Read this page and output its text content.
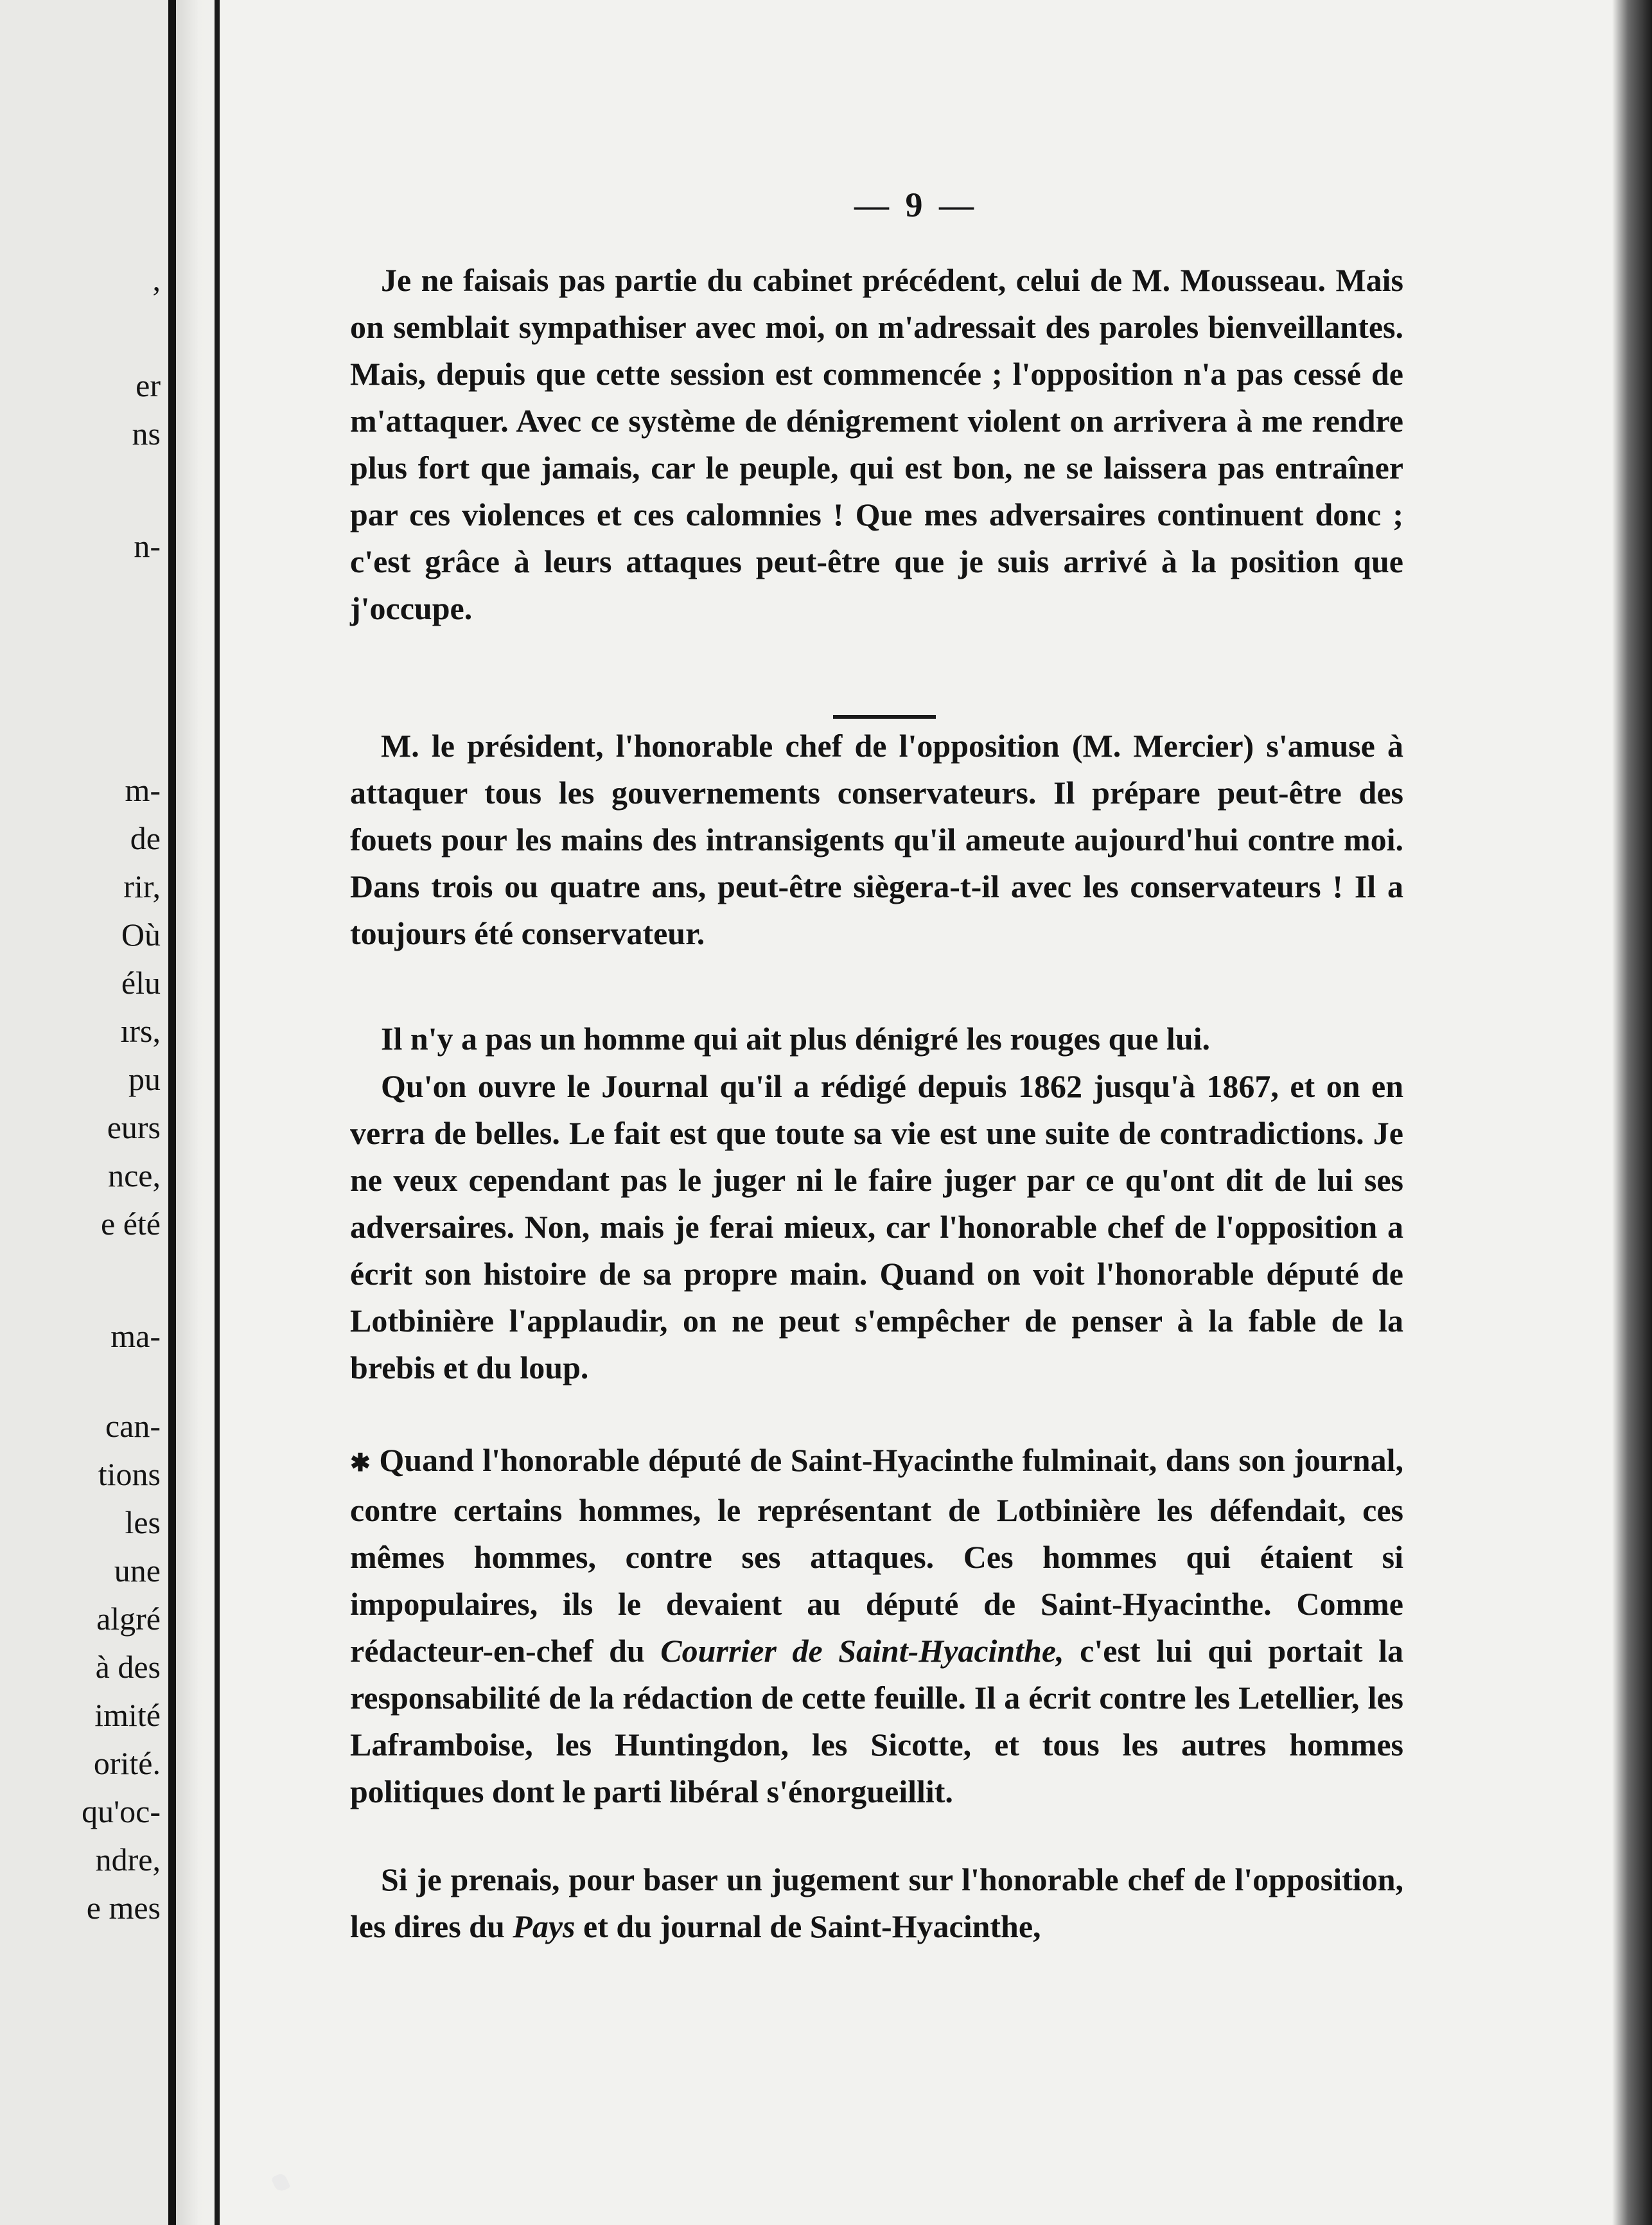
,
er
ns
n-
m-
de
rir,
Où
élu
ırs,
pu
eurs
nce,
e été
ma-
can-
tions
les
une
algré
à des
imité
orité.
qu'oc-
ndre,
e mes
— 9 —

Je ne faisais pas partie du cabinet précédent, celui de M. Mousseau. Mais on semblait sympathiser avec moi, on m'adressait des paroles bienveillantes. Mais, depuis que cette session est commencée ; l'opposition n'a pas cessé de m'attaquer. Avec ce système de dénigrement violent on arrivera à me rendre plus fort que jamais, car le peuple, qui est bon, ne se laissera pas entraîner par ces violences et ces calomnies ! Que mes adversaires continuent donc ; c'est grâce à leurs attaques peut-être que je suis arrivé à la position que j'occupe.

M. le président, l'honorable chef de l'opposition (M. Mercier) s'amuse à attaquer tous les gouvernements conservateurs. Il prépare peut-être des fouets pour les mains des intransigents qu'il ameute aujourd'hui contre moi. Dans trois ou quatre ans, peut-être siègera-t-il avec les conservateurs ! Il a toujours été conservateur.

Il n'y a pas un homme qui ait plus dénigré les rouges que lui.

Qu'on ouvre le Journal qu'il a rédigé depuis 1862 jusqu'à 1867, et on en verra de belles. Le fait est que toute sa vie est une suite de contradictions. Je ne veux cependant pas le juger ni le faire juger par ce qu'ont dit de lui ses adversaires. Non, mais je ferai mieux, car l'honorable chef de l'opposition a écrit son histoire de sa propre main. Quand on voit l'honorable député de Lotbinière l'applaudir, on ne peut s'empêcher de penser à la fable de la brebis et du loup.

✱ Quand l'honorable député de Saint-Hyacinthe fulminait, dans son journal, contre certains hommes, le représentant de Lotbinière les défendait, ces mêmes hommes, contre ses attaques. Ces hommes qui étaient si impopulaires, ils le devaient au député de Saint-Hyacinthe. Comme rédacteur-en-chef du Courrier de Saint-Hyacinthe, c'est lui qui portait la responsabilité de la rédaction de cette feuille. Il a écrit contre les Letellier, les Laframboise, les Huntingdon, les Sicotte, et tous les autres hommes politiques dont le parti libéral s'énorgueillit.

Si je prenais, pour baser un jugement sur l'honorable chef de l'opposition, les dires du Pays et du journal de Saint-Hyacinthe,
